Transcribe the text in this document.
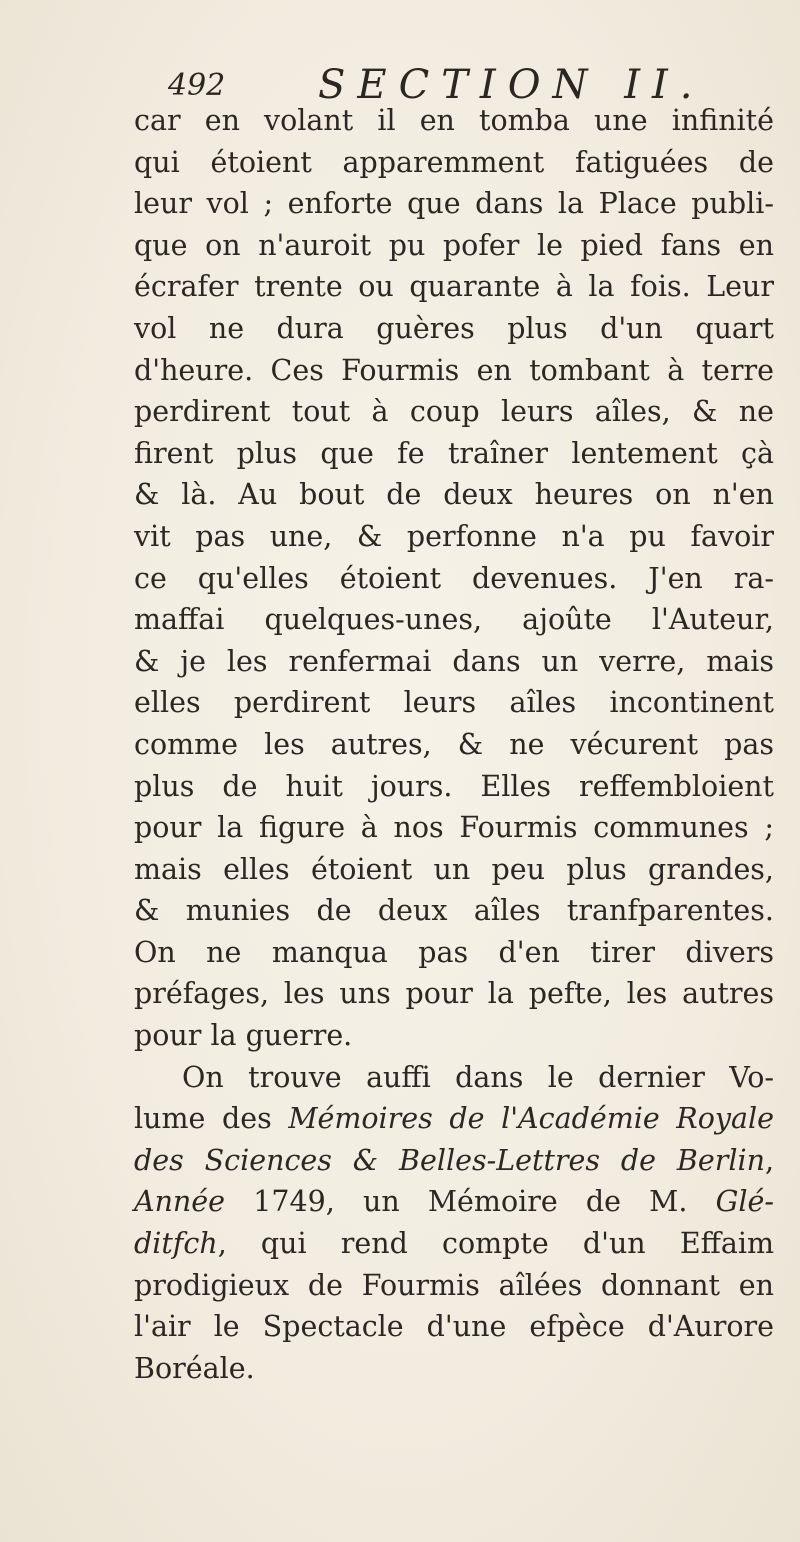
492 SECTION II.
car en volant il en tomba une infinité
qui étoient apparemment fatiguées de
leur vol ; enforte que dans la Place publi-
que on n'auroit pu pofer le pied fans en
écrafer trente ou quarante à la fois. Leur
vol ne dura guères plus d'un quart
d'heure. Ces Fourmis en tombant à terre
perdirent tout à coup leurs aîles, & ne
firent plus que fe traîner lentement çà
& là. Au bout de deux heures on n'en
vit pas une, & perfonne n'a pu favoir
ce qu'elles étoient devenues. J'en ra-
maffai quelques-unes, ajoûte l'Auteur,
& je les renfermai dans un verre, mais
elles perdirent leurs aîles incontinent
comme les autres, & ne vécurent pas
plus de huit jours. Elles reffembloient
pour la figure à nos Fourmis communes ;
mais elles étoient un peu plus grandes,
& munies de deux aîles tranfparentes.
On ne manqua pas d'en tirer divers
préfages, les uns pour la pefte, les autres
pour la guerre.
On trouve auffi dans le dernier Vo-
lume des Mémoires de l'Académie Royale
des Sciences & Belles-Lettres de Berlin,
Année 1749, un Mémoire de M. Glé-
ditfch, qui rend compte d'un Effaim
prodigieux de Fourmis aîlées donnant en
l'air le Spectacle d'une efpèce d'Aurore
Boréale.
